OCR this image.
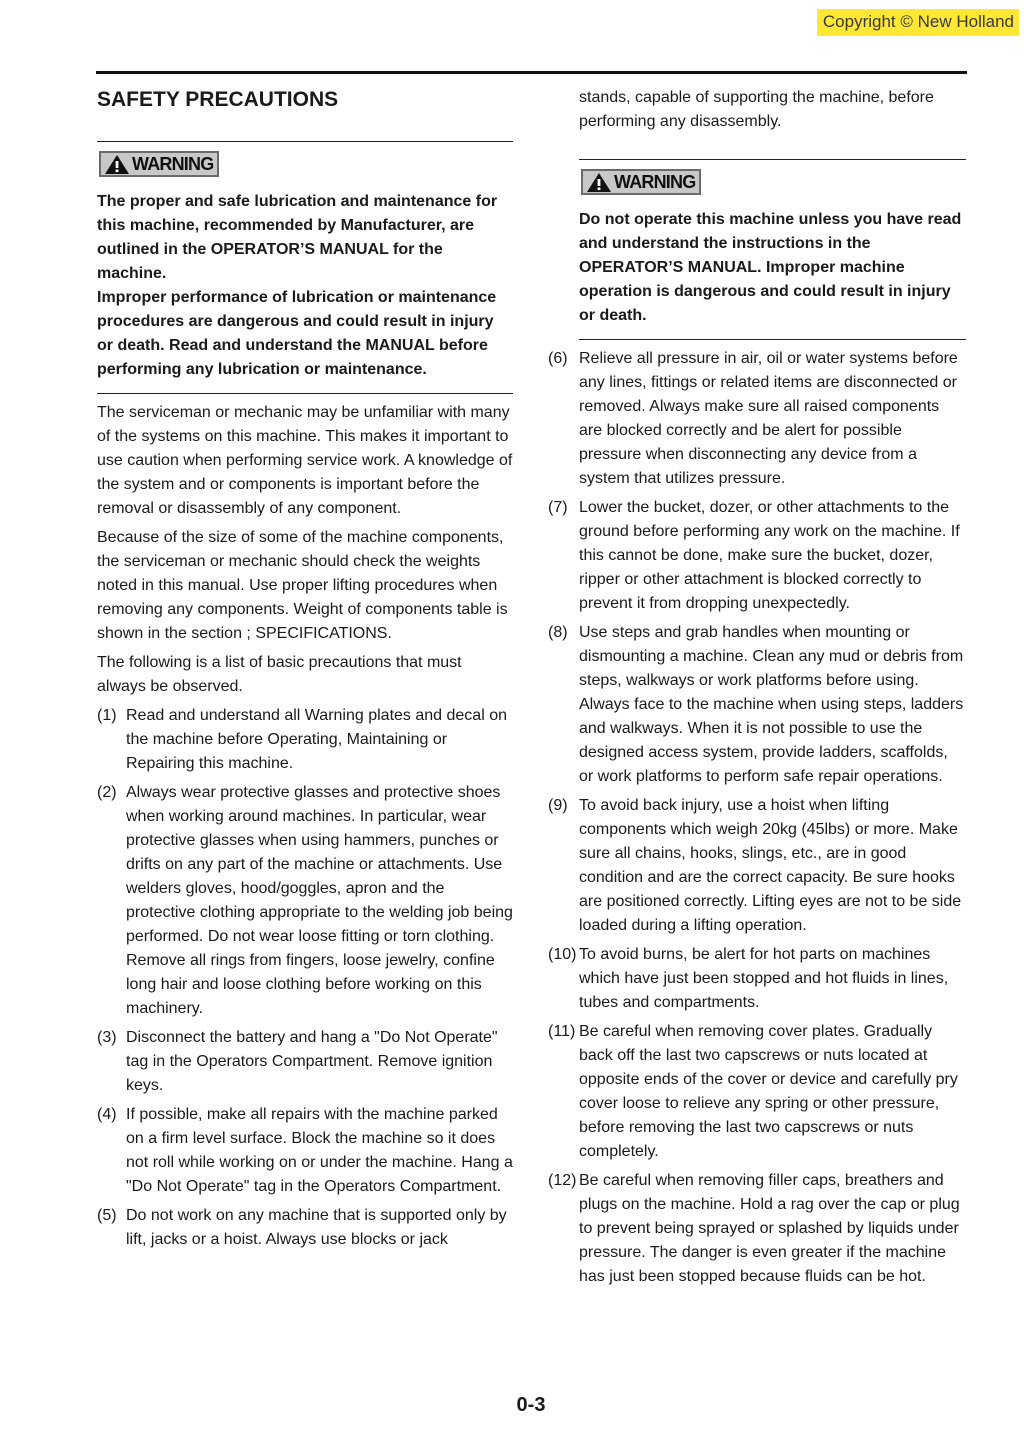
Copyright © New Holland
SAFETY PRECAUTIONS
WARNING

The proper and safe lubrication and maintenance for this machine, recommended by Manufacturer, are outlined in the OPERATOR’S MANUAL for the machine.

Improper performance of lubrication or maintenance procedures are dangerous and could result in injury or death. Read and understand the MANUAL before performing any lubrication or maintenance.

The serviceman or mechanic may be unfamiliar with many of the systems on this machine. This makes it important to use caution when performing service work. A knowledge of the system and or components is important before the removal or disassembly of any component.

Because of the size of some of the machine components, the serviceman or mechanic should check the weights noted in this manual. Use proper lifting procedures when removing any components. Weight of components table is shown in the section ; SPECIFICATIONS.

The following is a list of basic precautions that must always be observed.

(1) Read and understand all Warning plates and decal on the machine before Operating, Maintaining or Repairing this machine.
(2) Always wear protective glasses and protective shoes when working around machines. In particular, wear protective glasses when using hammers, punches or drifts on any part of the machine or attachments. Use welders gloves, hood/goggles, apron and the protective clothing appropriate to the welding job being performed. Do not wear loose fitting or torn clothing. Remove all rings from fingers, loose jewelry, confine long hair and loose clothing before working on this machinery.
(3) Disconnect the battery and hang a "Do Not Operate" tag in the Operators Compartment. Remove ignition keys.
(4) If possible, make all repairs with the machine parked on a firm level surface. Block the machine so it does not roll while working on or under the machine. Hang a "Do Not Operate" tag in the Operators Compartment.
(5) Do not work on any machine that is supported only by lift, jacks or a hoist. Always use blocks or jack

stands, capable of supporting the machine, before performing any disassembly.

WARNING

Do not operate this machine unless you have read and understand the instructions in the OPERATOR’S MANUAL. Improper machine operation is dangerous and could result in injury or death.

(6) Relieve all pressure in air, oil or water systems before any lines, fittings or related items are disconnected or removed. Always make sure all raised components are blocked correctly and be alert for possible pressure when disconnecting any device from a system that utilizes pressure.
(7) Lower the bucket, dozer, or other attachments to the ground before performing any work on the machine. If this cannot be done, make sure the bucket, dozer, ripper or other attachment is blocked correctly to prevent it from dropping unexpectedly.
(8) Use steps and grab handles when mounting or dismounting a machine. Clean any mud or debris from steps, walkways or work platforms before using. Always face to the machine when using steps, ladders and walkways. When it is not possible to use the designed access system, provide ladders, scaffolds, or work platforms to perform safe repair operations.
(9) To avoid back injury, use a hoist when lifting components which weigh 20kg (45lbs) or more. Make sure all chains, hooks, slings, etc., are in good condition and are the correct capacity. Be sure hooks are positioned correctly. Lifting eyes are not to be side loaded during a lifting operation.
(10) To avoid burns, be alert for hot parts on machines which have just been stopped and hot fluids in lines, tubes and compartments.
(11) Be careful when removing cover plates. Gradually back off the last two capscrews or nuts located at opposite ends of the cover or device and carefully pry cover loose to relieve any spring or other pressure, before removing the last two capscrews or nuts completely.
(12) Be careful when removing filler caps, breathers and plugs on the machine. Hold a rag over the cap or plug to prevent being sprayed or splashed by liquids under pressure. The danger is even greater if the machine has just been stopped because fluids can be hot.
0-3
